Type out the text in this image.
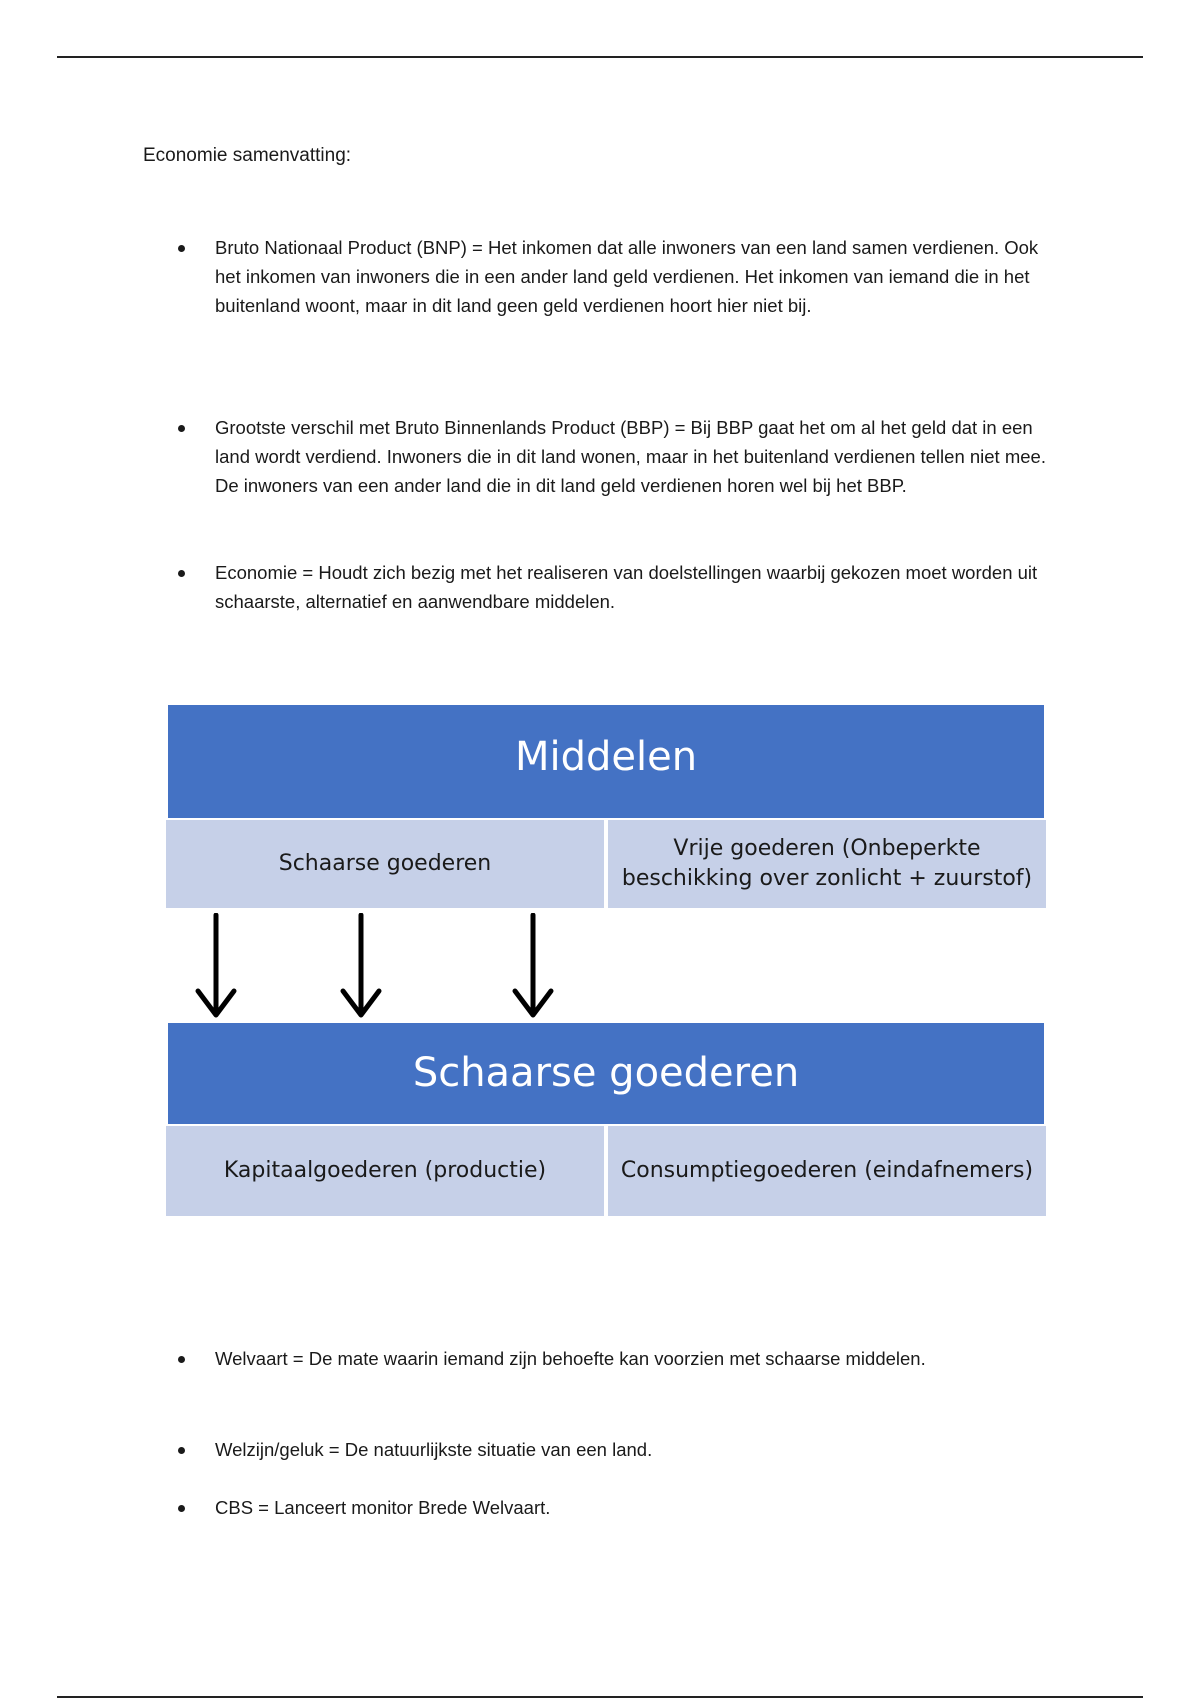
Economie samenvatting:
Bruto Nationaal Product (BNP) = Het inkomen dat alle inwoners van een land samen verdienen. Ook het inkomen van inwoners die in een ander land geld verdienen. Het inkomen van iemand die in het buitenland woont, maar in dit land geen geld verdienen hoort hier niet bij.
Grootste verschil met Bruto Binnenlands Product (BBP) = Bij BBP gaat het om al het geld dat in een land wordt verdiend. Inwoners die in dit land wonen, maar in het buitenland verdienen tellen niet mee. De inwoners van een ander land die in dit land geld verdienen horen wel bij het BBP.
Economie = Houdt zich bezig met het realiseren van doelstellingen waarbij gekozen moet worden uit schaarste, alternatief en aanwendbare middelen.
Middelen
Schaarse goederen
Vrije goederen (Onbeperkte beschikking over zonlicht + zuurstof)
Schaarse goederen
Kapitaalgoederen (productie)	Consumptiegoederen (eindafnemers)
Welvaart = De mate waarin iemand zijn behoefte kan voorzien met schaarse middelen.
Welzijn/geluk = De natuurlijkste situatie van een land.
CBS = Lanceert monitor Brede Welvaart.
